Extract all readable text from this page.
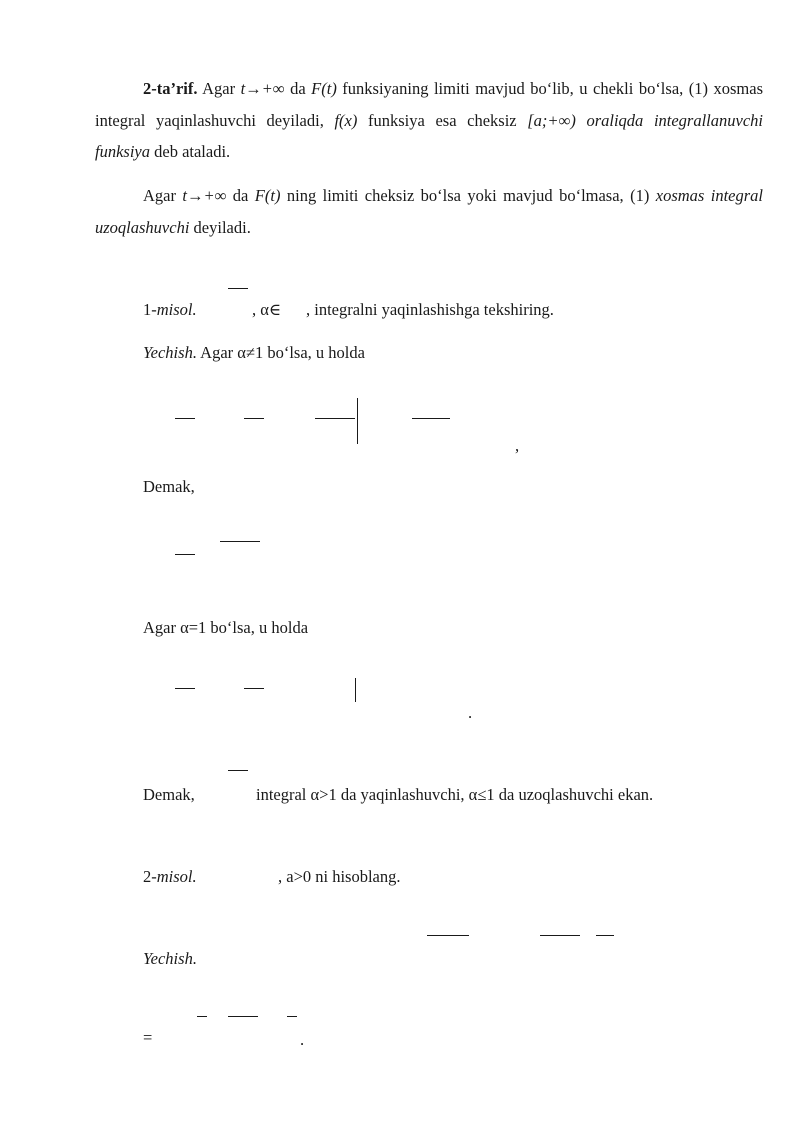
2-ta’rif. Agar t→+∞ da F(t) funksiyaning limiti mavjud bo‘lib, u chekli bo‘lsa, (1) xosmas integral yaqinlashuvchi deyiladi, f(x) funksiya esa cheksiz [a;+∞) oraliqda integrallanuvchi funksiya deb ataladi.

Agar t→+∞ da F(t) ning limiti cheksiz bo‘lsa yoki mavjud bo‘lmasa, (1) xosmas integral uzoqlashuvchi deyiladi.

1-misol.	, α∈ , integralni yaqinlashishga tekshiring.
Yechish. Agar α≠1 bo‘lsa, u holda
,
Demak,
Agar α=1 bo‘lsa, u holda
.
Demak,	integral α>1 da yaqinlashuvchi, α≤1 da uzoqlashuvchi ekan.
2-misol.	, a>0 ni hisoblang.
Yechish.
=	.
